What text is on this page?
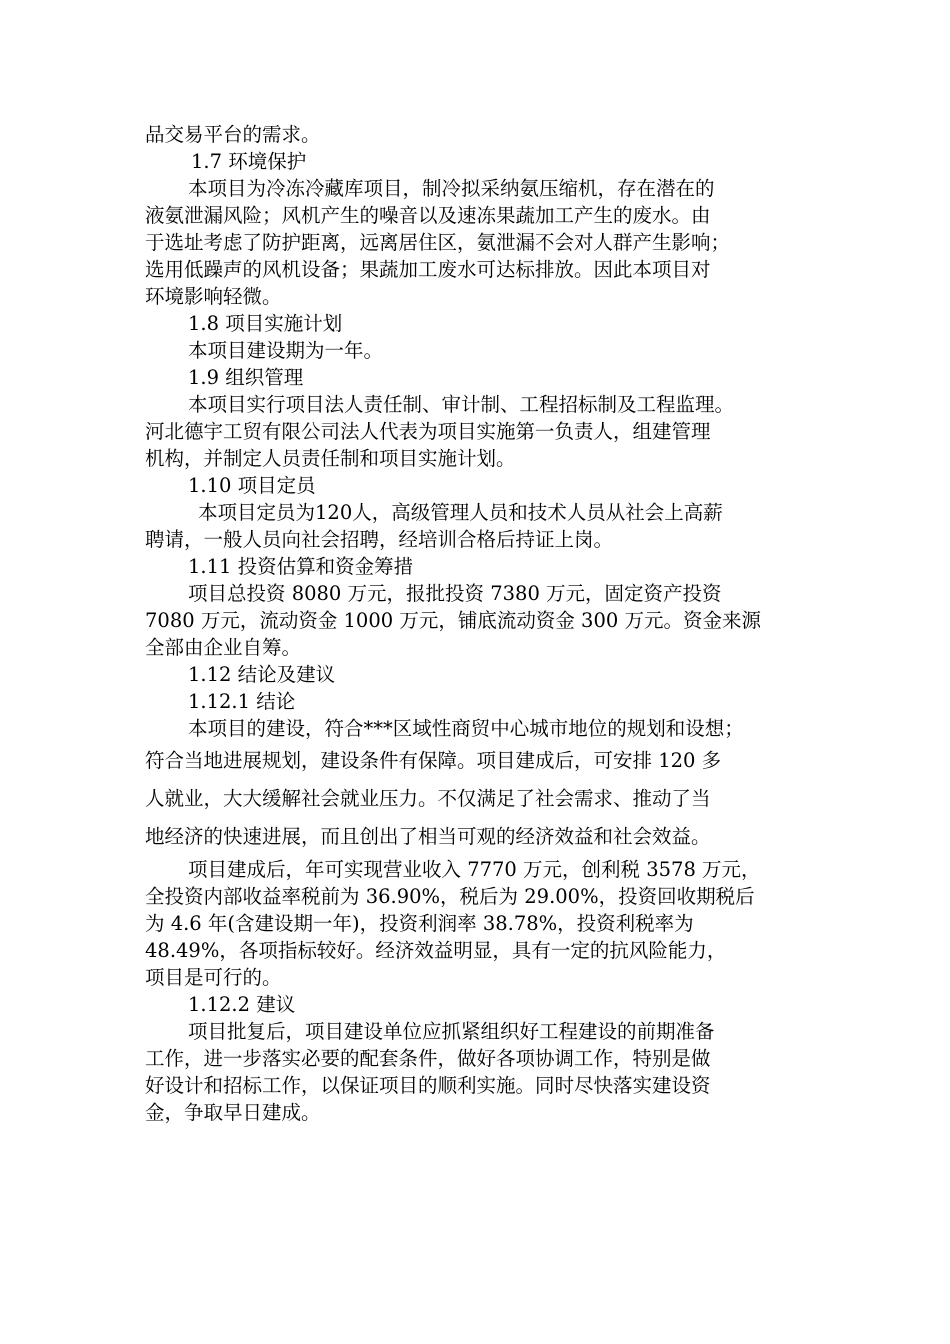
品交易平台的需求。
1.7 环境保护
本项目为冷冻冷藏库项目，制冷拟采纳氨压缩机，存在潜在的
液氨泄漏风险；风机产生的噪音以及速冻果蔬加工产生的废水。由
于选址考虑了防护距离，远离居住区，氨泄漏不会对人群产生影响；
选用低躁声的风机设备；果蔬加工废水可达标排放。因此本项目对
环境影响轻微。
1.8 项目实施计划
本项目建设期为一年。
1.9 组织管理
本项目实行项目法人责任制、审计制、工程招标制及工程监理。
河北德宇工贸有限公司法人代表为项目实施第一负责人，组建管理
机构，并制定人员责任制和项目实施计划。
1.10 项目定员
本项目定员为120人，高级管理人员和技术人员从社会上高薪
聘请，一般人员向社会招聘，经培训合格后持证上岗。
1.11 投资估算和资金筹措
项目总投资 8080 万元，报批投资 7380 万元，固定资产投资
7080 万元，流动资金 1000 万元，铺底流动资金 300 万元。资金来源
全部由企业自筹。
1.12 结论及建议
1.12.1 结论
本项目的建设，符合***区域性商贸中心城市地位的规划和设想；
符合当地进展规划，建设条件有保障。项目建成后，可安排 120 多
人就业，大大缓解社会就业压力。不仅满足了社会需求、推动了当
地经济的快速进展，而且创出了相当可观的经济效益和社会效益。
项目建成后，年可实现营业收入 7770 万元，创利税 3578 万元，
全投资内部收益率税前为 36.90%，税后为 29.00%，投资回收期税后
为 4.6 年(含建设期一年)，投资利润率 38.78%，投资利税率为
48.49%，各项指标较好。经济效益明显，具有一定的抗风险能力，
项目是可行的。
1.12.2 建议
项目批复后，项目建设单位应抓紧组织好工程建设的前期准备
工作，进一步落实必要的配套条件，做好各项协调工作，特别是做
好设计和招标工作，以保证项目的顺利实施。同时尽快落实建设资
金，争取早日建成。
